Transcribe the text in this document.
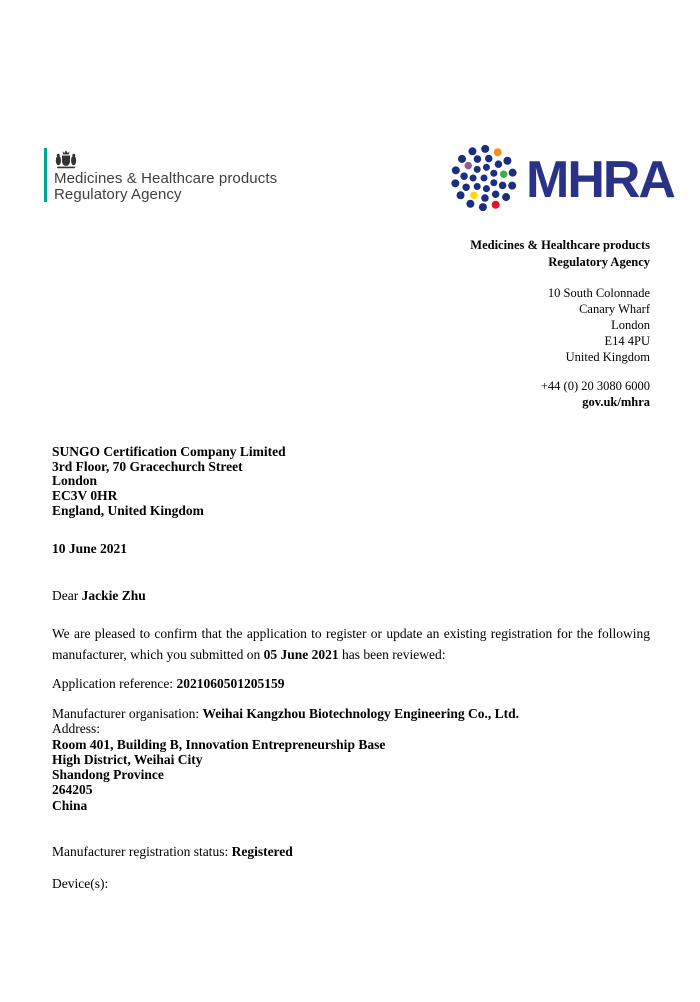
Medicines & Healthcare products
Regulatory Agency	MHRA
Medicines & Healthcare products
Regulatory Agency
10 South Colonnade
Canary Wharf
London
E14 4PU
United Kingdom
+44 (0) 20 3080 6000
gov.uk/mhra
SUNGO Certification Company Limited
3rd Floor, 70 Gracechurch Street
London
EC3V 0HR
England, United Kingdom
10 June 2021
Dear Jackie Zhu

We are pleased to confirm that the application to register or update an existing registration for the following manufacturer, which you submitted on 05 June 2021 has been reviewed:

Application reference: 2021060501205159
Manufacturer organisation: Weihai Kangzhou Biotechnology Engineering Co., Ltd.
Address:
Room 401, Building B, Innovation Entrepreneurship Base
High District, Weihai City
Shandong Province
264205
China
Manufacturer registration status: Registered
Device(s):
